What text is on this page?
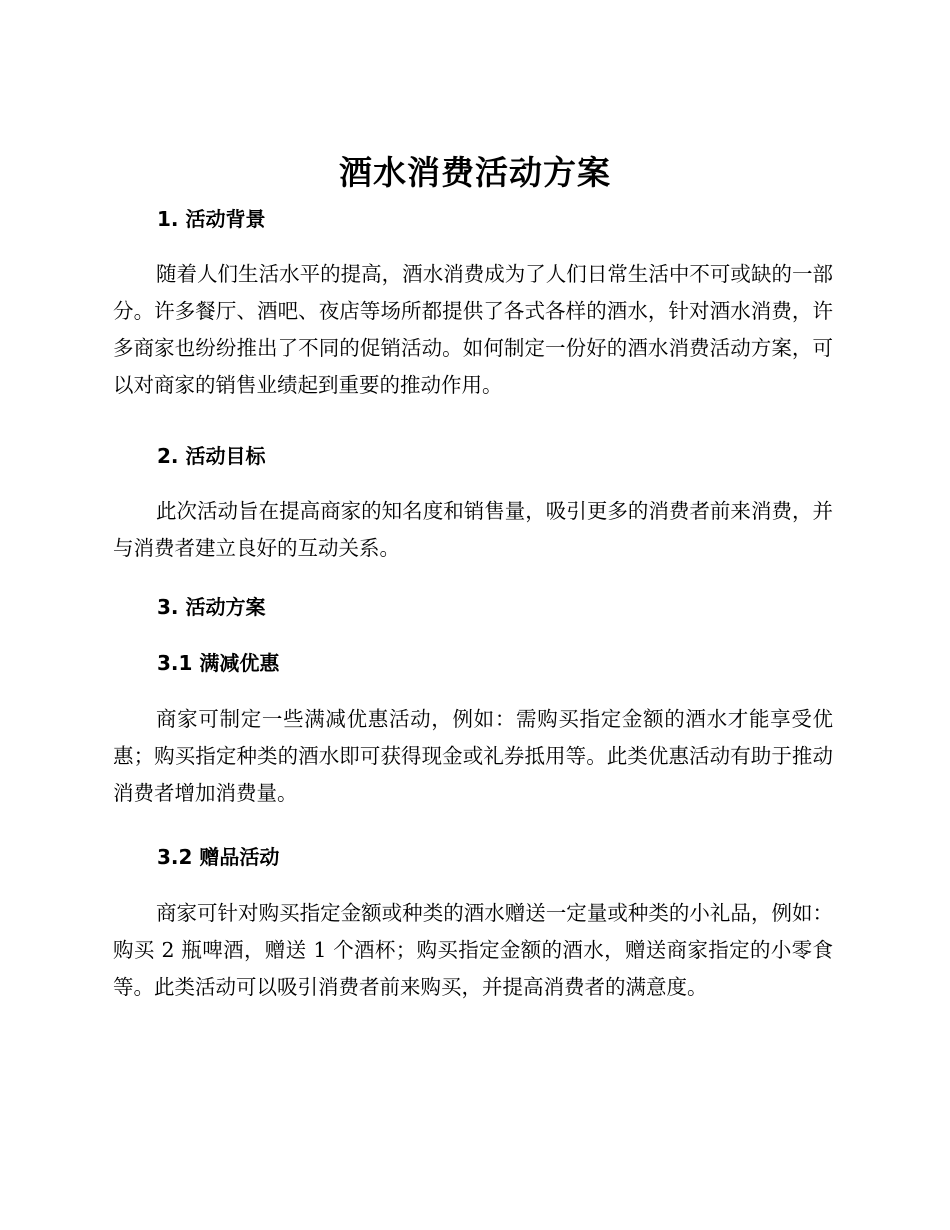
酒水消费活动方案
1. 活动背景

随着人们生活水平的提高，酒水消费成为了人们日常生活中不可或缺的一部分。许多餐厅、酒吧、夜店等场所都提供了各式各样的酒水，针对酒水消费，许多商家也纷纷推出了不同的促销活动。如何制定一份好的酒水消费活动方案，可以对商家的销售业绩起到重要的推动作用。

2. 活动目标

此次活动旨在提高商家的知名度和销售量，吸引更多的消费者前来消费，并与消费者建立良好的互动关系。

3. 活动方案
3.1 满减优惠

商家可制定一些满减优惠活动，例如：需购买指定金额的酒水才能享受优惠；购买指定种类的酒水即可获得现金或礼券抵用等。此类优惠活动有助于推动消费者增加消费量。

3.2 赠品活动

商家可针对购买指定金额或种类的酒水赠送一定量或种类的小礼品，例如：购买 2 瓶啤酒，赠送 1 个酒杯；购买指定金额的酒水，赠送商家指定的小零食等。此类活动可以吸引消费者前来购买，并提高消费者的满意度。
